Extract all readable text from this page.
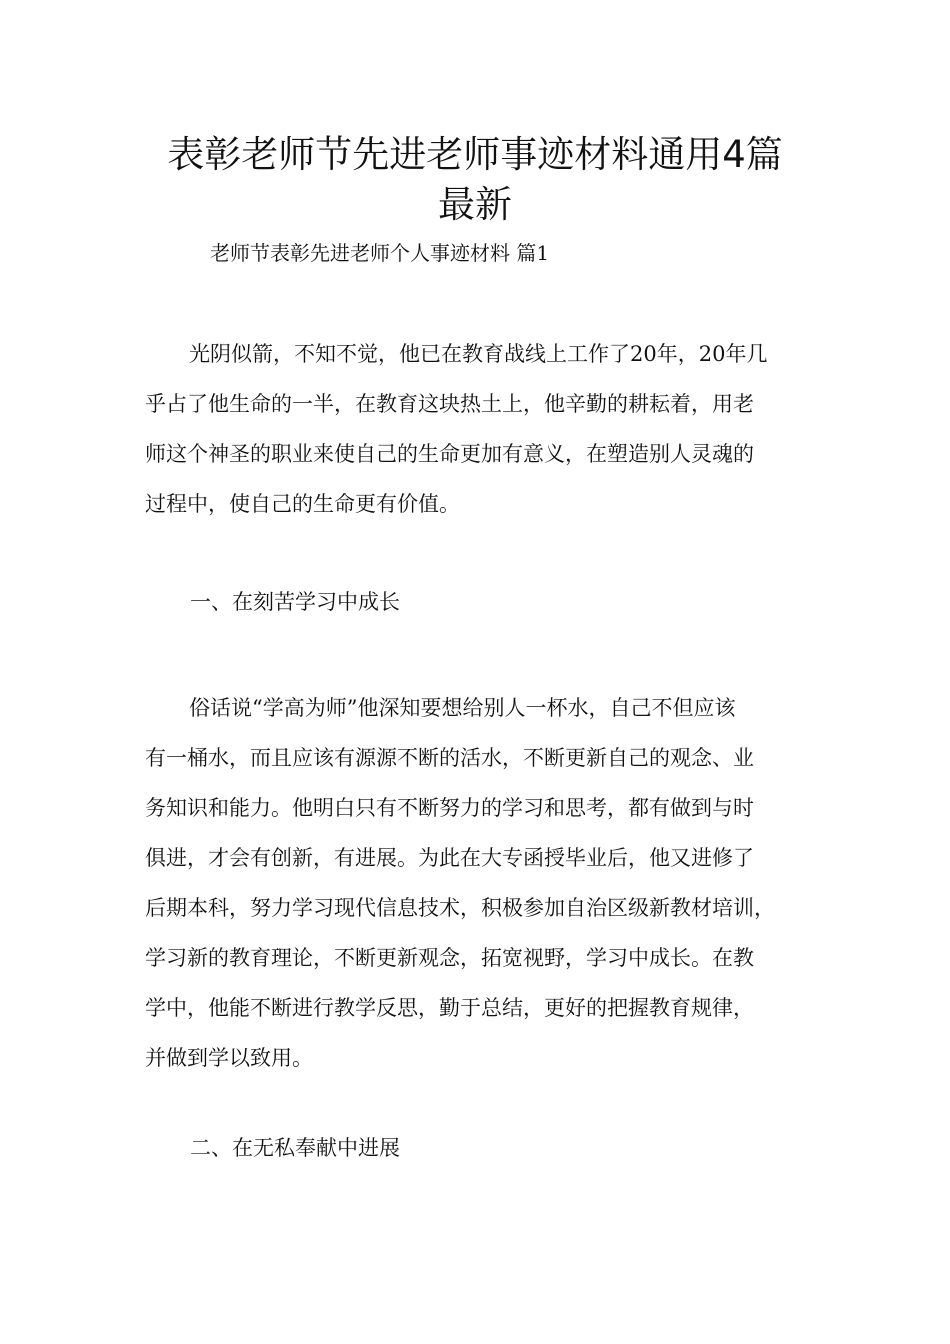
表彰老师节先进老师事迹材料通用4篇
最新
老师节表彰先进老师个人事迹材料 篇1
光阴似箭，不知不觉，他已在教育战线上工作了20年，20年几
乎占了他生命的一半，在教育这块热土上，他辛勤的耕耘着，用老
师这个神圣的职业来使自己的生命更加有意义，在塑造别人灵魂的
过程中，使自己的生命更有价值。
一、在刻苦学习中成长
俗话说“学高为师”他深知要想给别人一杯水，自己不但应该
有一桶水，而且应该有源源不断的活水，不断更新自己的观念、业
务知识和能力。他明白只有不断努力的学习和思考，都有做到与时
俱进，才会有创新，有进展。为此在大专函授毕业后，他又进修了
后期本科，努力学习现代信息技术，积极参加自治区级新教材培训，
学习新的教育理论，不断更新观念，拓宽视野，学习中成长。在教
学中，他能不断进行教学反思，勤于总结，更好的把握教育规律，
并做到学以致用。
二、在无私奉献中进展
